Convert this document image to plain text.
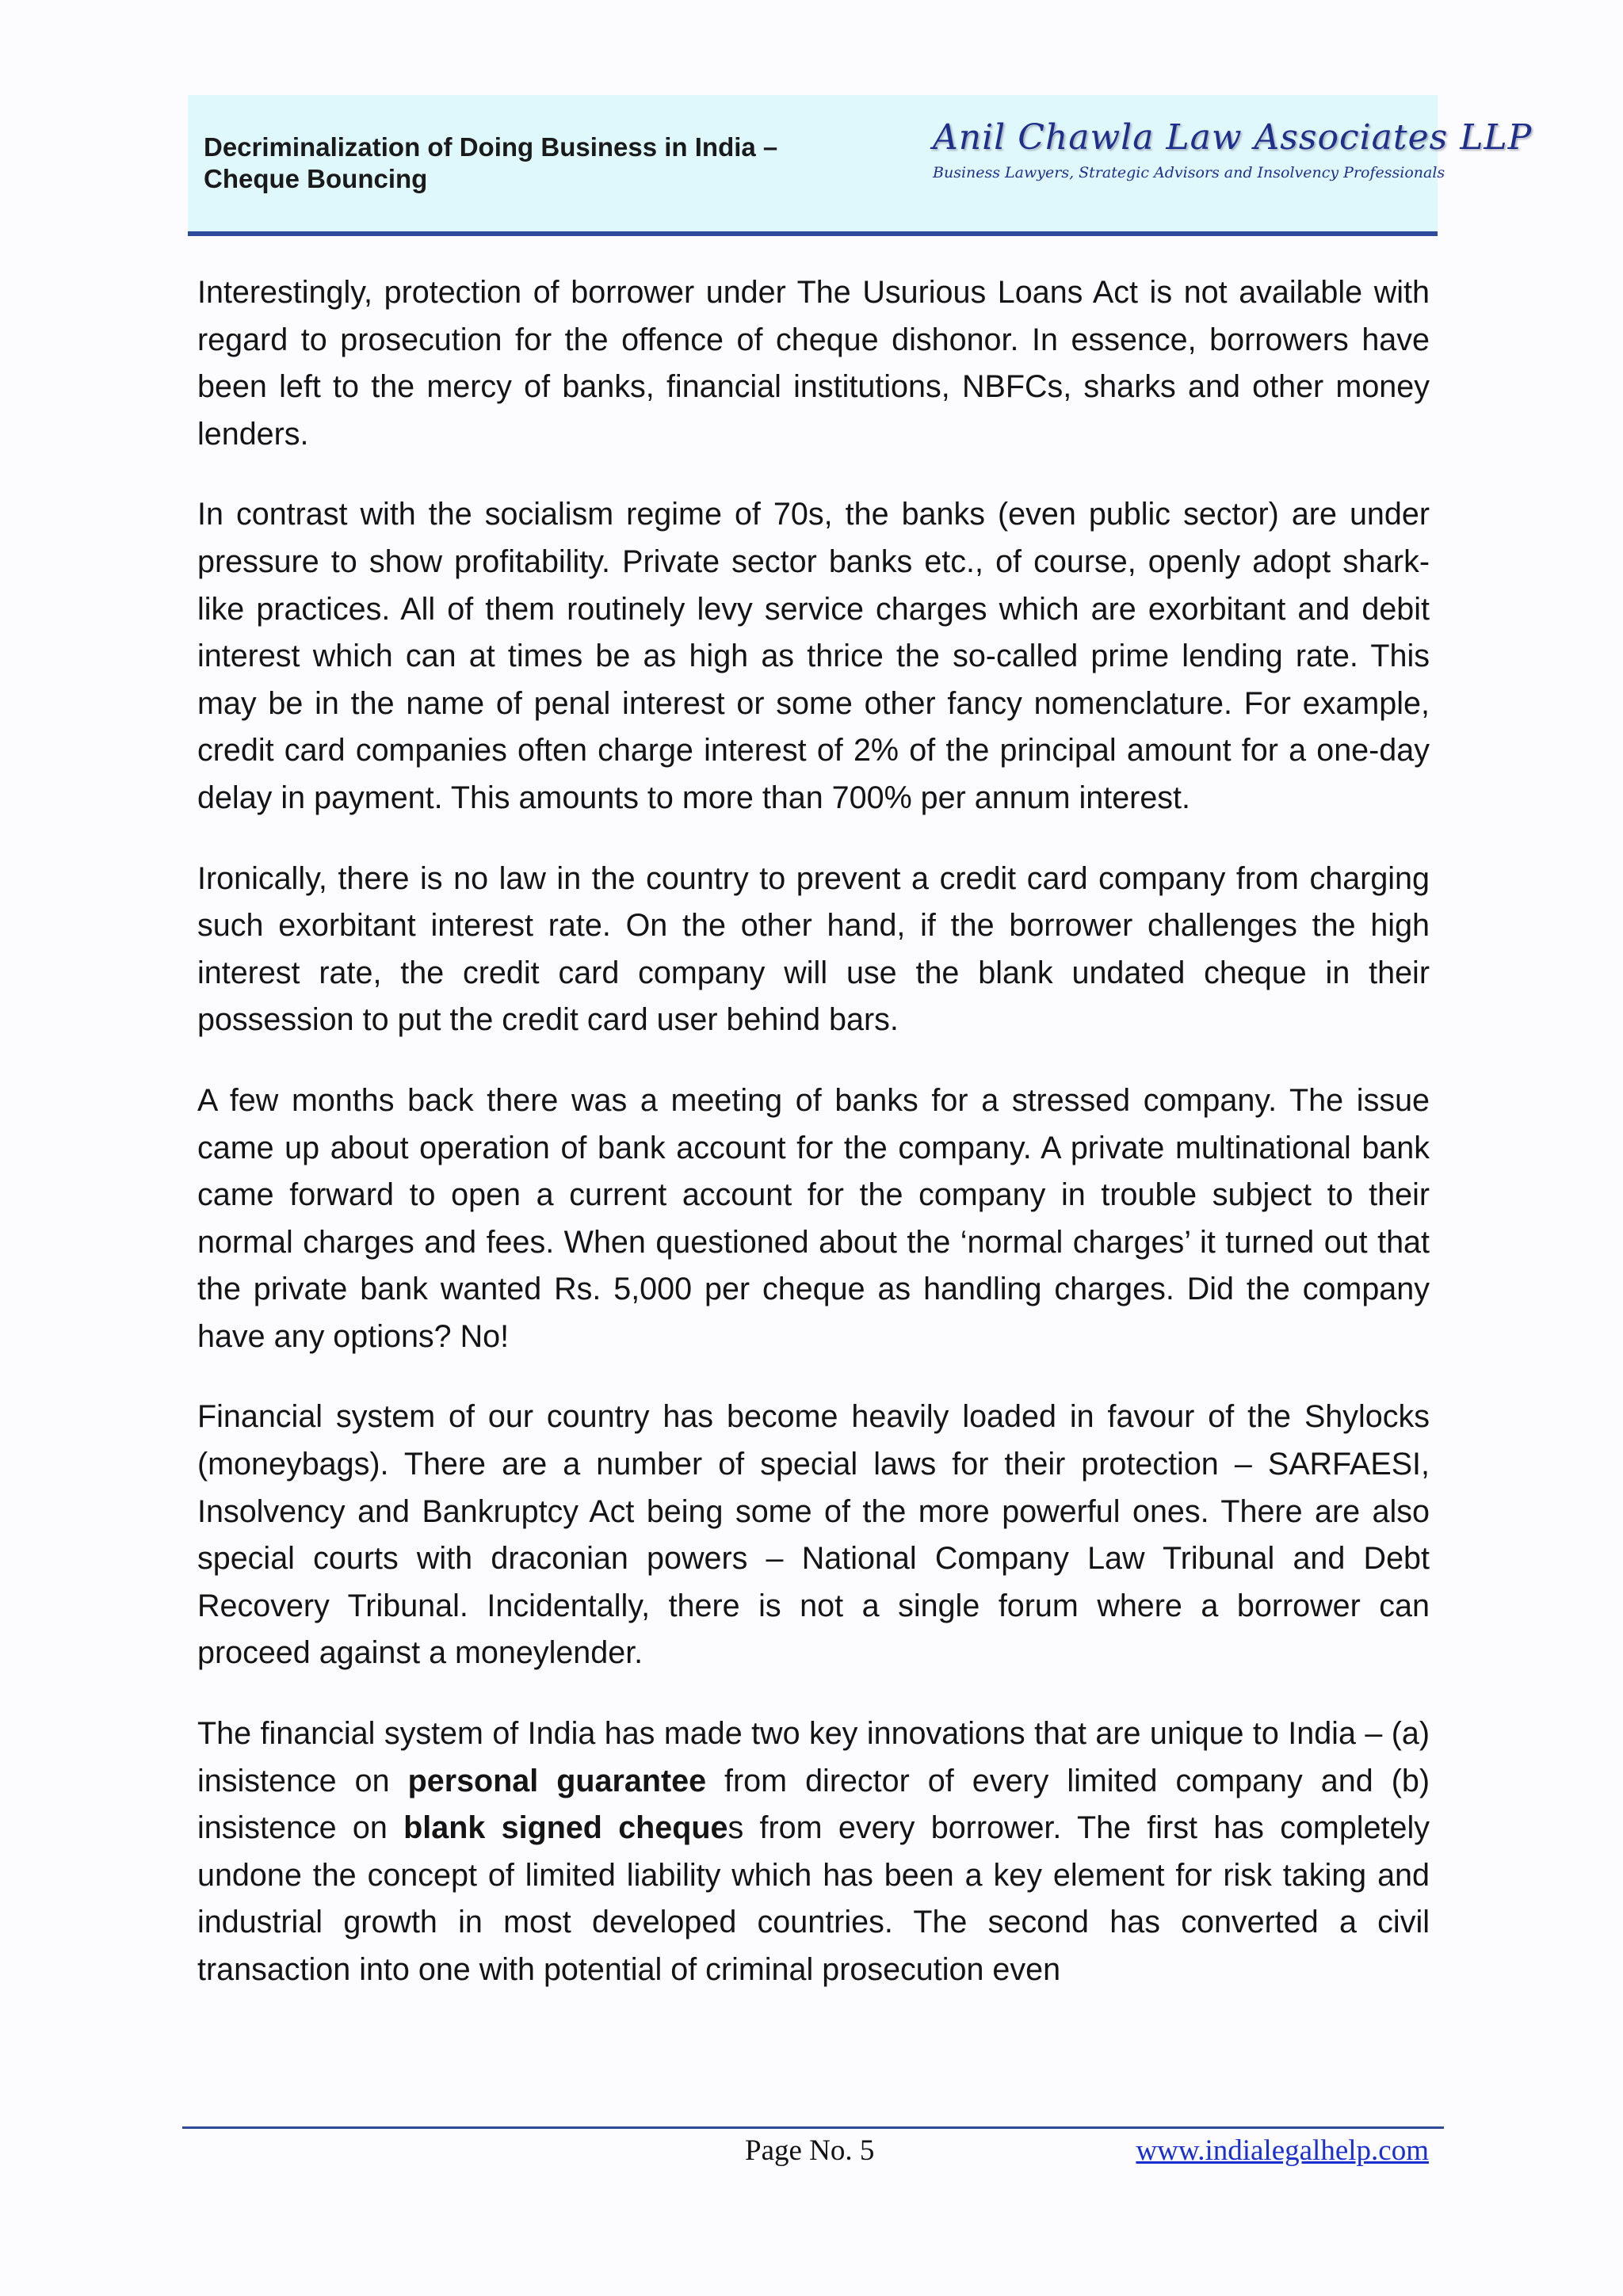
Decriminalization of Doing Business in India –
Cheque Bouncing
Anil Chawla Law Associates LLP
Business Lawyers, Strategic Advisors and Insolvency Professionals

Interestingly, protection of borrower under The Usurious Loans Act is not available with regard to prosecution for the offence of cheque dishonor. In essence, borrowers have been left to the mercy of banks, financial institutions, NBFCs, sharks and other money lenders.

In contrast with the socialism regime of 70s, the banks (even public sector) are under pressure to show profitability. Private sector banks etc., of course, openly adopt shark-like practices. All of them routinely levy service charges which are exorbitant and debit interest which can at times be as high as thrice the so-called prime lending rate. This may be in the name of penal interest or some other fancy nomenclature. For example, credit card companies often charge interest of 2% of the principal amount for a one-day delay in payment. This amounts to more than 700% per annum interest.

Ironically, there is no law in the country to prevent a credit card company from charging such exorbitant interest rate. On the other hand, if the borrower challenges the high interest rate, the credit card company will use the blank undated cheque in their possession to put the credit card user behind bars.

A few months back there was a meeting of banks for a stressed company. The issue came up about operation of bank account for the company. A private multinational bank came forward to open a current account for the company in trouble subject to their normal charges and fees. When questioned about the ‘normal charges’ it turned out that the private bank wanted Rs. 5,000 per cheque as handling charges. Did the company have any options? No!

Financial system of our country has become heavily loaded in favour of the Shylocks (moneybags). There are a number of special laws for their protection – SARFAESI, Insolvency and Bankruptcy Act being some of the more powerful ones. There are also special courts with draconian powers – National Company Law Tribunal and Debt Recovery Tribunal. Incidentally, there is not a single forum where a borrower can proceed against a moneylender.

The financial system of India has made two key innovations that are unique to India – (a) insistence on personal guarantee from director of every limited company and (b) insistence on blank signed cheques from every borrower. The first has completely undone the concept of limited liability which has been a key element for risk taking and industrial growth in most developed countries. The second has converted a civil transaction into one with potential of criminal prosecution even

Page No. 5	www.indialegalhelp.com
